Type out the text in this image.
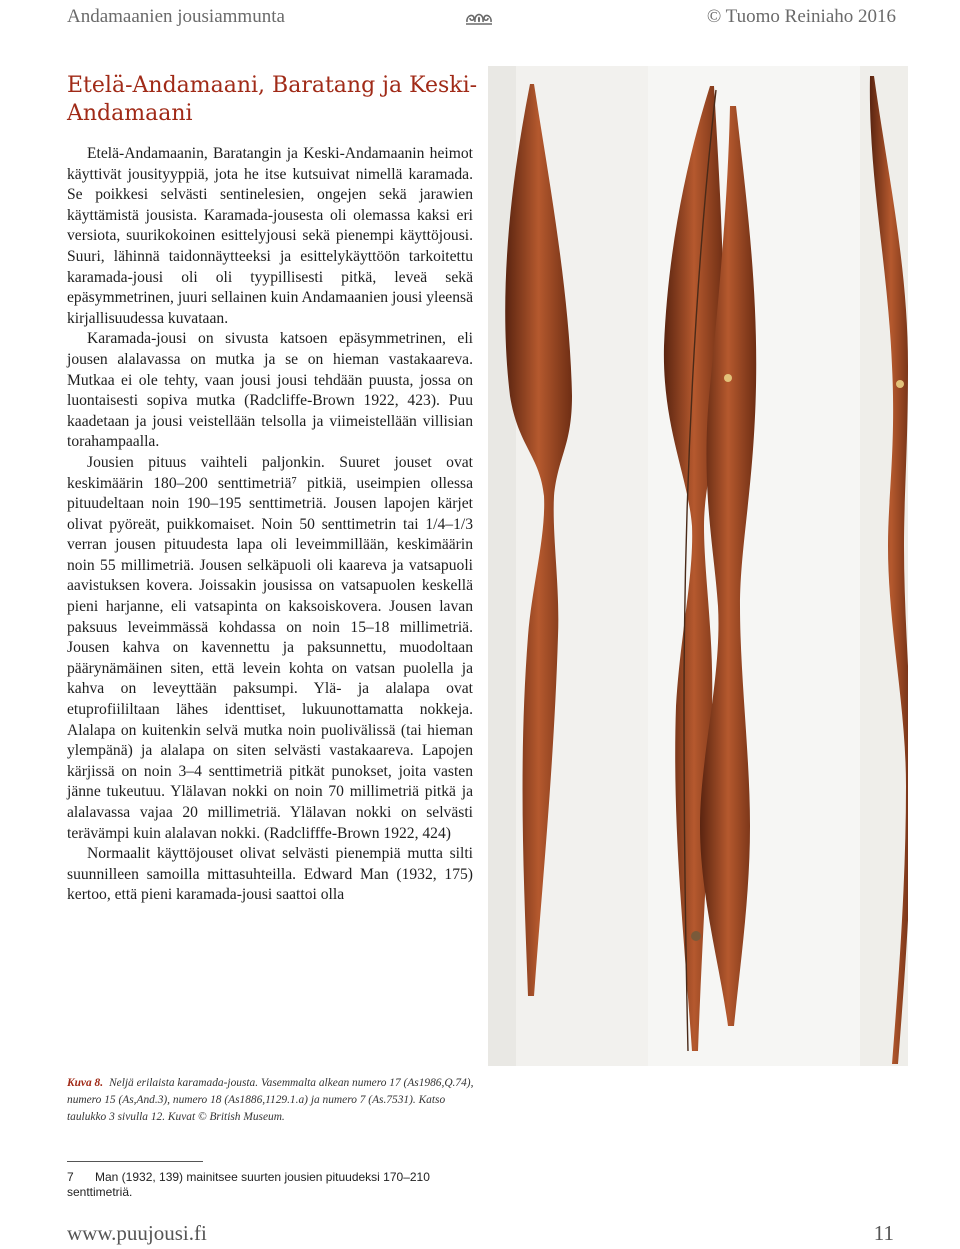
Andamaanien jousiammunta	© Tuomo Reiniaho 2016
Etelä-Andamaani, Baratang ja Keski-Andamaani

Etelä-Andamaanin, Baratangin ja Keski-Andamaanin heimot käyttivät jousityyppiä, jota he itse kutsuivat nimellä karamada. Se poikkesi selvästi sentinelesien, ongejen sekä jarawien käyttämistä jousista. Karamada-jousesta oli olemassa kaksi eri versiota, suurikokoinen esittelyjousi sekä pienempi käyttöjousi. Suuri, lähinnä taidonnäytteeksi ja esittelykäyttöön tarkoitettu karamada-jousi oli oli tyypillisesti pitkä, leveä sekä epäsymmetrinen, juuri sellainen kuin Andamaanien jousi yleensä kirjallisuudessa kuvataan.

Karamada-jousi on sivusta katsoen epäsymmetrinen, eli jousen alalavassa on mutka ja se on hieman vastakaareva. Mutkaa ei ole tehty, vaan jousi jousi tehdään puusta, jossa on luontaisesti sopiva mutka (Radcliffe-Brown 1922, 423). Puu kaadetaan ja jousi veistellään telsolla ja viimeistellään villisian torahampaalla.

Jousien pituus vaihteli paljonkin. Suuret jouset ovat keskimäärin 180–200 senttimetriä⁷ pitkiä, useimpien ollessa pituudeltaan noin 190–195 senttimetriä. Jousen lapojen kärjet olivat pyöreät, puikkomaiset. Noin 50 senttimetrin tai 1/4–1/3 verran jousen pituudesta lapa oli leveimmillään, keskimäärin noin 55 millimetriä. Jousen selkäpuoli oli kaareva ja vatsapuoli aavistuksen kovera. Joissakin jousissa on vatsapuolen keskellä pieni harjanne, eli vatsapinta on kaksoiskovera. Jousen lavan paksuus leveimmässä kohdassa on noin 15–18 millimetriä. Jousen kahva on kavennettu ja paksunnettu, muodoltaan päärynämäinen siten, että levein kohta on vatsan puolella ja kahva on leveyttään paksumpi. Ylä- ja alalapa ovat etuprofiililtaan lähes identtiset, lukuunottamatta nokkeja. Alalapa on kuitenkin selvä mutka noin puolivälissä (tai hieman ylempänä) ja alalapa on siten selvästi vastakaareva. Lapojen kärjissä on noin 3–4 senttimetriä pitkät punokset, joita vasten jänne tukeutuu. Ylälavan nokki on noin 70 millimetriä pitkä ja alalavassa vajaa 20 millimetriä. Ylälavan nokki on selvästi terävämpi kuin alalavan nokki. (Radclifffe-Brown 1922, 424)

Normaalit käyttöjouset olivat selvästi pienempiä mutta silti suunnilleen samoilla mittasuhteilla. Edward Man (1932, 175) kertoo, että pieni karamada-jousi saattoi olla

Kuva 8. Neljä erilaista karamada-jousta. Vasemmalta alkean numero 17 (As1986,Q.74), numero 15 (As,And.3), numero 18 (As1886,1129.1.a) ja numero 7 (As.7531). Katso taulukko 3 sivulla 12. Kuvat © British Museum.
7 Man (1932, 139) mainitsee suurten jousien pituudeksi 170–210 senttimetriä.
www.puujousi.fi	11
